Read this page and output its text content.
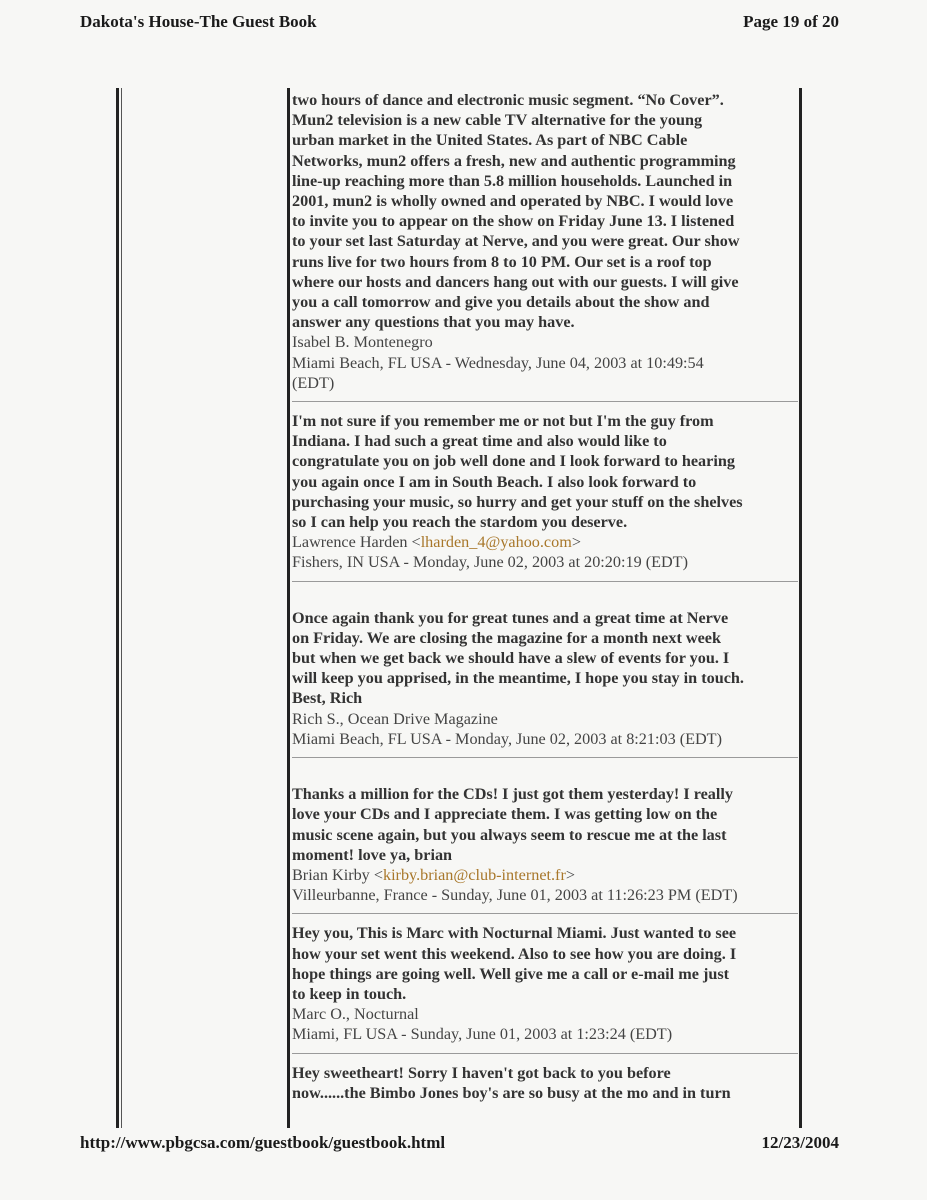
Dakota's House-The Guest Book	Page 19 of 20
two hours of dance and electronic music segment. “No Cover”.
Mun2 television is a new cable TV alternative for the young
urban market in the United States. As part of NBC Cable
Networks, mun2 offers a fresh, new and authentic programming
line-up reaching more than 5.8 million households. Launched in
2001, mun2 is wholly owned and operated by NBC. I would love
to invite you to appear on the show on Friday June 13. I listened
to your set last Saturday at Nerve, and you were great. Our show
runs live for two hours from 8 to 10 PM. Our set is a roof top
where our hosts and dancers hang out with our guests. I will give
you a call tomorrow and give you details about the show and
answer any questions that you may have.
Isabel B. Montenegro
Miami Beach, FL USA - Wednesday, June 04, 2003 at 10:49:54
(EDT)
I'm not sure if you remember me or not but I'm the guy from
Indiana. I had such a great time and also would like to
congratulate you on job well done and I look forward to hearing
you again once I am in South Beach. I also look forward to
purchasing your music, so hurry and get your stuff on the shelves
so I can help you reach the stardom you deserve.
Lawrence Harden <lharden_4@yahoo.com>
Fishers, IN USA - Monday, June 02, 2003 at 20:20:19 (EDT)
Once again thank you for great tunes and a great time at Nerve
on Friday. We are closing the magazine for a month next week
but when we get back we should have a slew of events for you. I
will keep you apprised, in the meantime, I hope you stay in touch.
Best, Rich
Rich S., Ocean Drive Magazine
Miami Beach, FL USA - Monday, June 02, 2003 at 8:21:03 (EDT)
Thanks a million for the CDs! I just got them yesterday! I really
love your CDs and I appreciate them. I was getting low on the
music scene again, but you always seem to rescue me at the last
moment! love ya, brian
Brian Kirby <kirby.brian@club-internet.fr>
Villeurbanne, France - Sunday, June 01, 2003 at 11:26:23 PM (EDT)
Hey you, This is Marc with Nocturnal Miami. Just wanted to see
how your set went this weekend. Also to see how you are doing. I
hope things are going well. Well give me a call or e-mail me just
to keep in touch.
Marc O., Nocturnal
Miami, FL USA - Sunday, June 01, 2003 at 1:23:24 (EDT)
Hey sweetheart! Sorry I haven't got back to you before
now......the Bimbo Jones boy's are so busy at the mo and in turn
http://www.pbgcsa.com/guestbook/guestbook.html	12/23/2004
